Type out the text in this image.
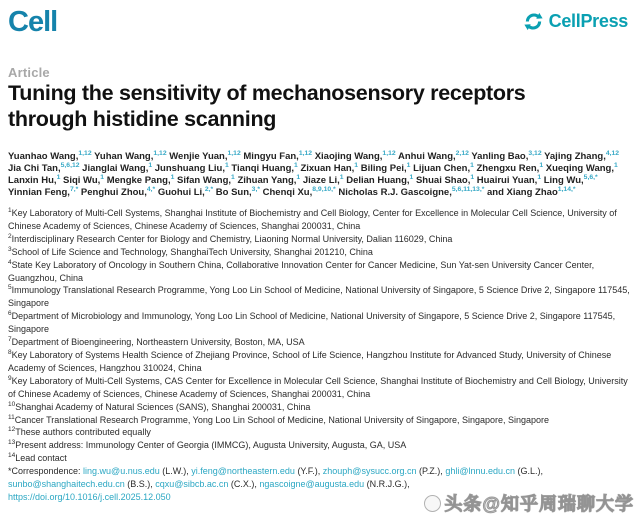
Cell	CellPress
Article
Tuning the sensitivity of mechanosensory receptors through histidine scanning
Yuanhao Wang,$^{1,12}$ Yuhan Wang,$^{1,12}$ Wenjie Yuan,$^{1,12}$ Mingyu Fan,$^{1,12}$ Xiaojing Wang,$^{1,12}$ Anhui Wang,$^{2,12}$ Yanling Bao,$^{3,12}$ Yajing Zhang,$^{4,12}$ Jia Chi Tan,$^{5,6,12}$ Jianglai Wang,$^1$ Junshuang Liu,$^1$ Tianqi Huang,$^1$ Zixuan Han,$^1$ Biling Pei,$^1$ Lijuan Chen,$^1$ Zhengxu Ren,$^1$ Xueqing Wang,$^1$ Lanxin Hu,$^1$ Siqi Wu,$^1$ Mengke Pang,$^1$ Sifan Wang,$^1$ Zihuan Yang,$^1$ Jiaze Li,$^1$ Delian Huang,$^1$ Shuai Shao,$^1$ Huairui Yuan,$^1$ Ling Wu,$^{5,6,*}$ Yinnian Feng,$^{7,*}$ Penghui Zhou,$^{4,*}$ Guohui Li,$^{2,*}$ Bo Sun,$^{3,*}$ Chenqi Xu,$^{8,9,10,*}$ Nicholas R.J. Gascoigne,$^{5,6,11,13,*}$ and Xiang Zhao$^{1,14,*}$
$^1$Key Laboratory of Multi-Cell Systems, Shanghai Institute of Biochemistry and Cell Biology, Center for Excellence in Molecular Cell Science, University of Chinese Academy of Sciences, Chinese Academy of Sciences, Shanghai 200031, China
$^2$Interdisciplinary Research Center for Biology and Chemistry, Liaoning Normal University, Dalian 116029, China
$^3$School of Life Science and Technology, ShanghaiTech University, Shanghai 201210, China
$^4$State Key Laboratory of Oncology in Southern China, Collaborative Innovation Center for Cancer Medicine, Sun Yat-sen University Cancer Center, Guangzhou, China
$^5$Immunology Translational Research Programme, Yong Loo Lin School of Medicine, National University of Singapore, 5 Science Drive 2, Singapore 117545, Singapore
$^6$Department of Microbiology and Immunology, Yong Loo Lin School of Medicine, National University of Singapore, 5 Science Drive 2, Singapore 117545, Singapore
$^7$Department of Bioengineering, Northeastern University, Boston, MA, USA
$^8$Key Laboratory of Systems Health Science of Zhejiang Province, School of Life Science, Hangzhou Institute for Advanced Study, University of Chinese Academy of Sciences, Hangzhou 310024, China
$^9$Key Laboratory of Multi-Cell Systems, CAS Center for Excellence in Molecular Cell Science, Shanghai Institute of Biochemistry and Cell Biology, University of Chinese Academy of Sciences, Chinese Academy of Sciences, Shanghai 200031, China
$^{10}$Shanghai Academy of Natural Sciences (SANS), Shanghai 200031, China
$^{11}$Cancer Translational Research Programme, Yong Loo Lin School of Medicine, National University of Singapore, Singapore, Singapore
$^{12}$These authors contributed equally
$^{13}$Present address: Immunology Center of Georgia (IMMCG), Augusta University, Augusta, GA, USA
$^{14}$Lead contact
*Correspondence: ling.wu@u.nus.edu (L.W.), yi.feng@northeastern.edu (Y.F.), zhouph@sysucc.org.cn (P.Z.), ghli@lnnu.edu.cn (G.L.), sunbo@shanghaitech.edu.cn (B.S.), cqxu@sibcb.ac.cn (C.X.), ngascoigne@augusta.edu (N.R.J.G.),
https://doi.org/10.1016/j.cell.2025.12.050	头条@知乎周瑞聊大学
